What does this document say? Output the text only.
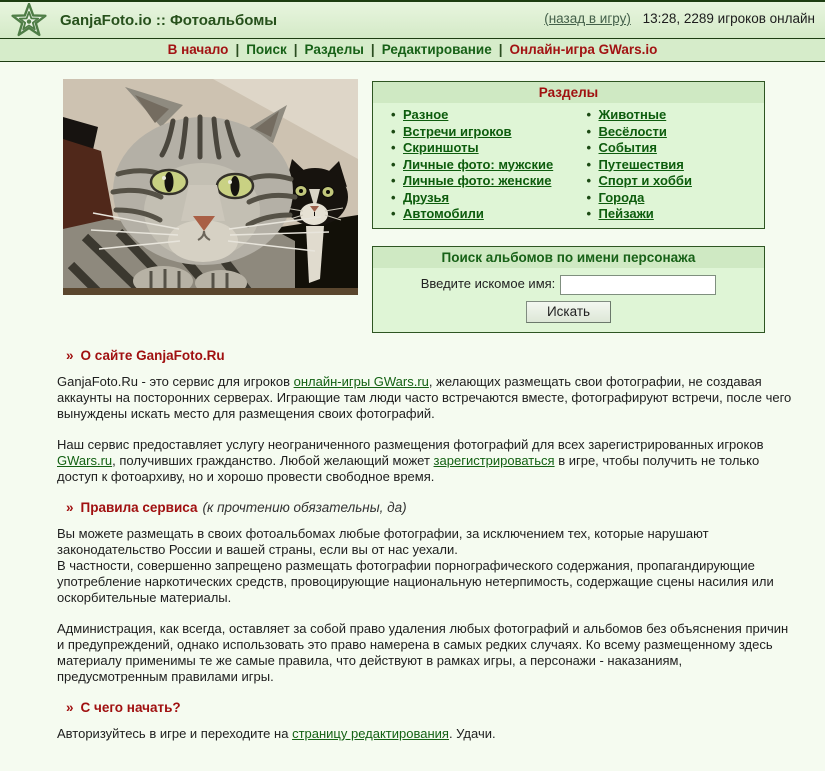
GanjaFoto.io :: Фотоальбомы	(назад в игру) 13:28, 2289 игроков онлайн
В начало | Поиск | Разделы | Редактирование | Онлайн-игра GWars.io
Разделы
• Разное
• Встречи игроков
• Скриншоты
• Личные фото: мужские
• Личные фото: женские
• Друзья
• Автомобили
• Животные
• Весёлости
• События
• Путешествия
• Спорт и хобби
• Города
• Пейзажи
Поиск альбомов по имени персонажа
Введите искомое имя:
Искать
» О сайте GanjaFoto.Ru
GanjaFoto.Ru - это сервис для игроков онлайн-игры GWars.ru, желающих размещать свои фотографии, не создавая аккаунты на посторонних серверах. Играющие там люди часто встречаются вместе, фотографируют встречи, после чего вынуждены искать место для размещения своих фотографий.
Наш сервис предоставляет услугу неограниченного размещения фотографий для всех зарегистрированных игроков GWars.ru, получивших гражданство. Любой желающий может зарегистрироваться в игре, чтобы получить не только доступ к фотоархиву, но и хорошо провести свободное время.
» Правила сервиса (к прочтению обязательны, да)
Вы можете размещать в своих фотоальбомах любые фотографии, за исключением тех, которые нарушают законодательство России и вашей страны, если вы от нас уехали.
В частности, совершенно запрещено размещать фотографии порнографического содержания, пропагандирующие употребление наркотических средств, провоцирующие национальную нетерпимость, содержащие сцены насилия или оскорбительные материалы.
Администрация, как всегда, оставляет за собой право удаления любых фотографий и альбомов без объяснения причин и предупреждений, однако использовать это право намерена в самых редких случаях. Ко всему размещенному здесь материалу применимы те же самые правила, что действуют в рамках игры, а персонажи - наказаниям, предусмотренным правилами игры.
» С чего начать?
Авторизуйтесь в игре и переходите на страницу редактирования. Удачи.
